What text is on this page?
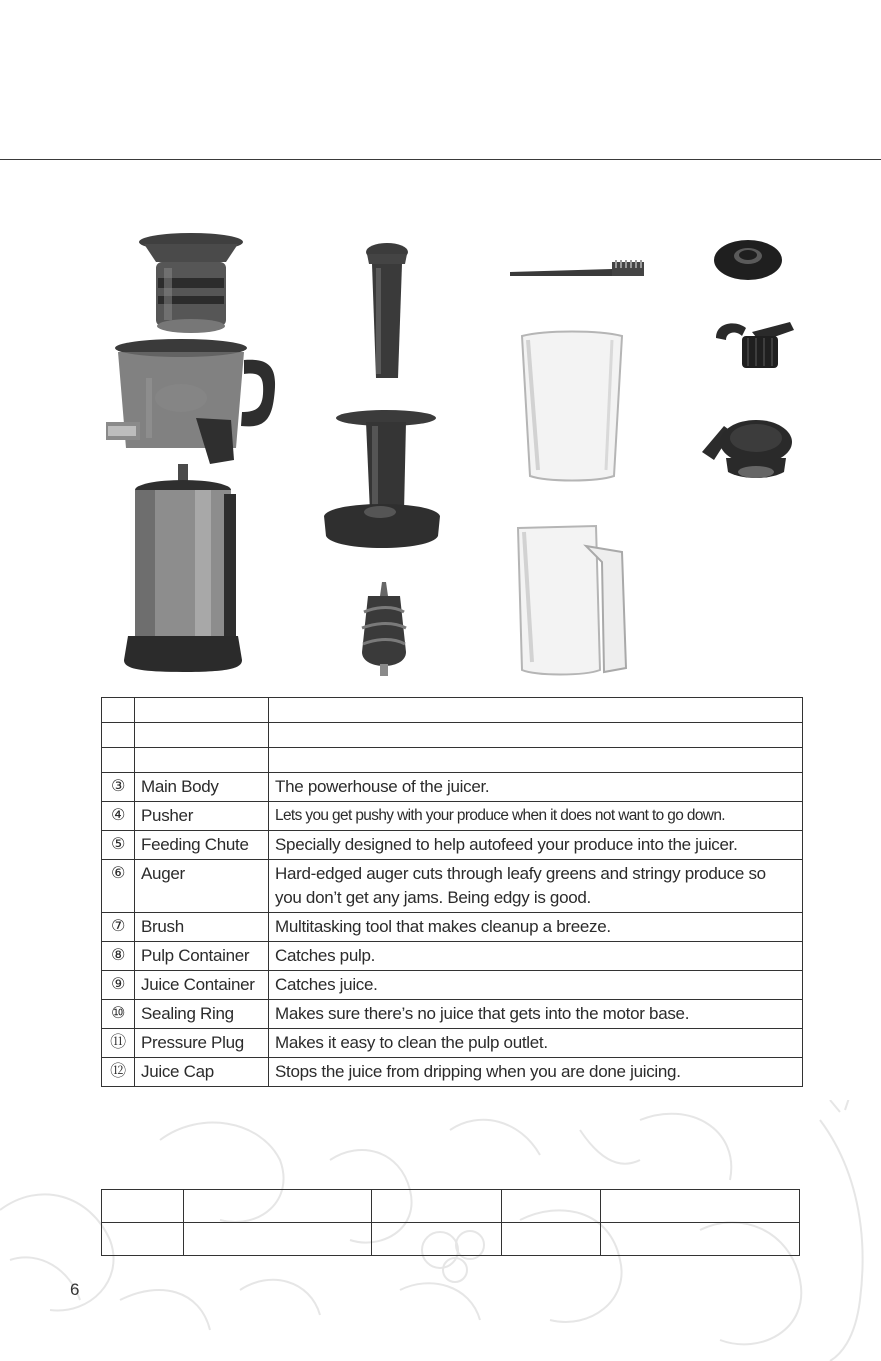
③	Main Body	The powerhouse of the juicer.
④	Pusher	Lets you get pushy with your produce when it does not want to go down.
⑤	Feeding Chute	Specially designed to help autofeed your produce into the juicer.
⑥	Auger	Hard-edged auger cuts through leafy greens and stringy produce so you don’t get any jams. Being edgy is good.
⑦	Brush	Multitasking tool that makes cleanup a breeze.
⑧	Pulp Container	Catches pulp.
⑨	Juice Container	Catches juice.
⑩	Sealing Ring	Makes sure there’s no juice that gets into the motor base.
⑪	Pressure Plug	Makes it easy to clean the pulp outlet.
⑫	Juice Cap	Stops the juice from dripping when you are done juicing.

6
